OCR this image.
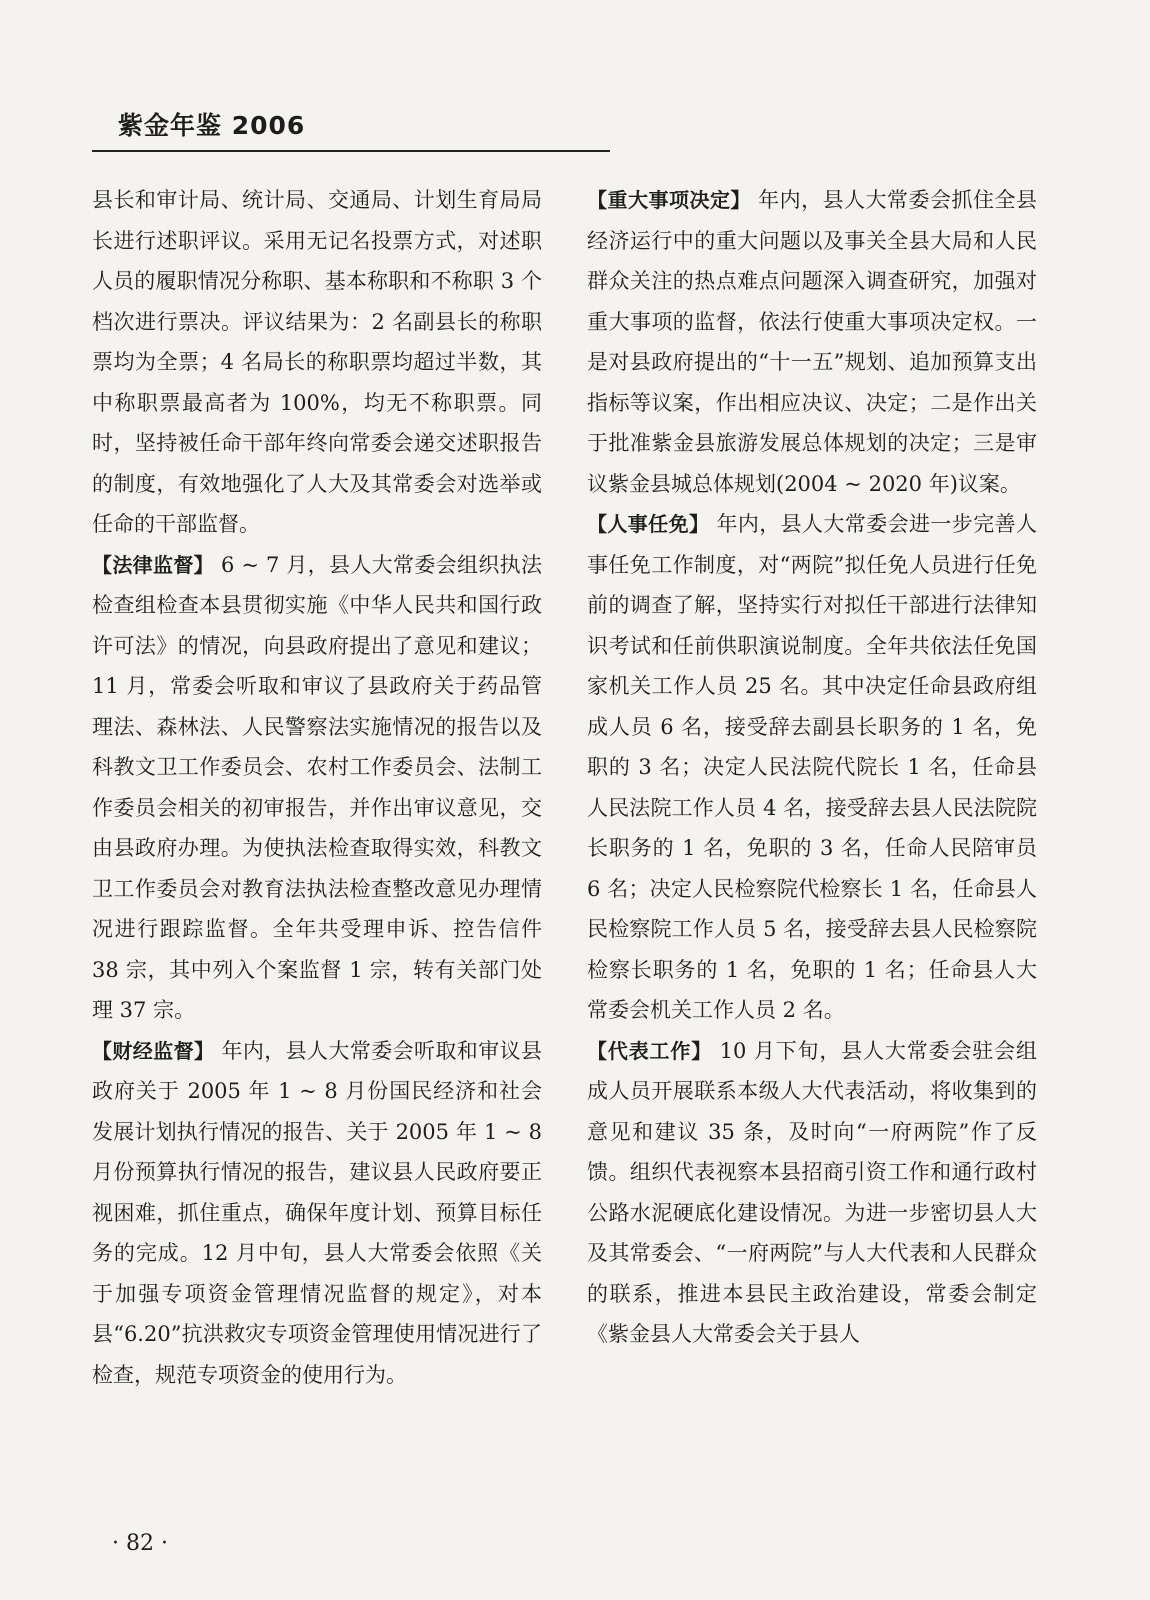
紫金年鉴 2006

县长和审计局、统计局、交通局、计划生育局局长进行述职评议。采用无记名投票方式，对述职人员的履职情况分称职、基本称职和不称职 3 个档次进行票决。评议结果为：2 名副县长的称职票均为全票；4 名局长的称职票均超过半数，其中称职票最高者为 100%，均无不称职票。同时，坚持被任命干部年终向常委会递交述职报告的制度，有效地强化了人大及其常委会对选举或任命的干部监督。

【法律监督】 6 ~ 7 月，县人大常委会组织执法检查组检查本县贯彻实施《中华人民共和国行政许可法》的情况，向县政府提出了意见和建议；11 月，常委会听取和审议了县政府关于药品管理法、森林法、人民警察法实施情况的报告以及科教文卫工作委员会、农村工作委员会、法制工作委员会相关的初审报告，并作出审议意见，交由县政府办理。为使执法检查取得实效，科教文卫工作委员会对教育法执法检查整改意见办理情况进行跟踪监督。全年共受理申诉、控告信件 38 宗，其中列入个案监督 1 宗，转有关部门处理 37 宗。

【财经监督】 年内，县人大常委会听取和审议县政府关于 2005 年 1 ~ 8 月份国民经济和社会发展计划执行情况的报告、关于 2005 年 1 ~ 8 月份预算执行情况的报告，建议县人民政府要正视困难，抓住重点，确保年度计划、预算目标任务的完成。12 月中旬，县人大常委会依照《关于加强专项资金管理情况监督的规定》，对本县“6.20”抗洪救灾专项资金管理使用情况进行了检查，规范专项资金的使用行为。

【重大事项决定】 年内，县人大常委会抓住全县经济运行中的重大问题以及事关全县大局和人民群众关注的热点难点问题深入调查研究，加强对重大事项的监督，依法行使重大事项决定权。一是对县政府提出的“十一五”规划、追加预算支出指标等议案，作出相应决议、决定；二是作出关于批准紫金县旅游发展总体规划的决定；三是审议紫金县城总体规划(2004 ~ 2020 年)议案。

【人事任免】 年内，县人大常委会进一步完善人事任免工作制度，对“两院”拟任免人员进行任免前的调查了解，坚持实行对拟任干部进行法律知识考试和任前供职演说制度。全年共依法任免国家机关工作人员 25 名。其中决定任命县政府组成人员 6 名，接受辞去副县长职务的 1 名，免职的 3 名；决定人民法院代院长 1 名，任命县人民法院工作人员 4 名，接受辞去县人民法院院长职务的 1 名，免职的 3 名，任命人民陪审员 6 名；决定人民检察院代检察长 1 名，任命县人民检察院工作人员 5 名，接受辞去县人民检察院检察长职务的 1 名，免职的 1 名；任命县人大常委会机关工作人员 2 名。

【代表工作】 10 月下旬，县人大常委会驻会组成人员开展联系本级人大代表活动，将收集到的意见和建议 35 条，及时向“一府两院”作了反馈。组织代表视察本县招商引资工作和通行政村公路水泥硬底化建设情况。为进一步密切县人大及其常委会、“一府两院”与人大代表和人民群众的联系，推进本县民主政治建设，常委会制定《紫金县人大常委会关于县人

· 82 ·
